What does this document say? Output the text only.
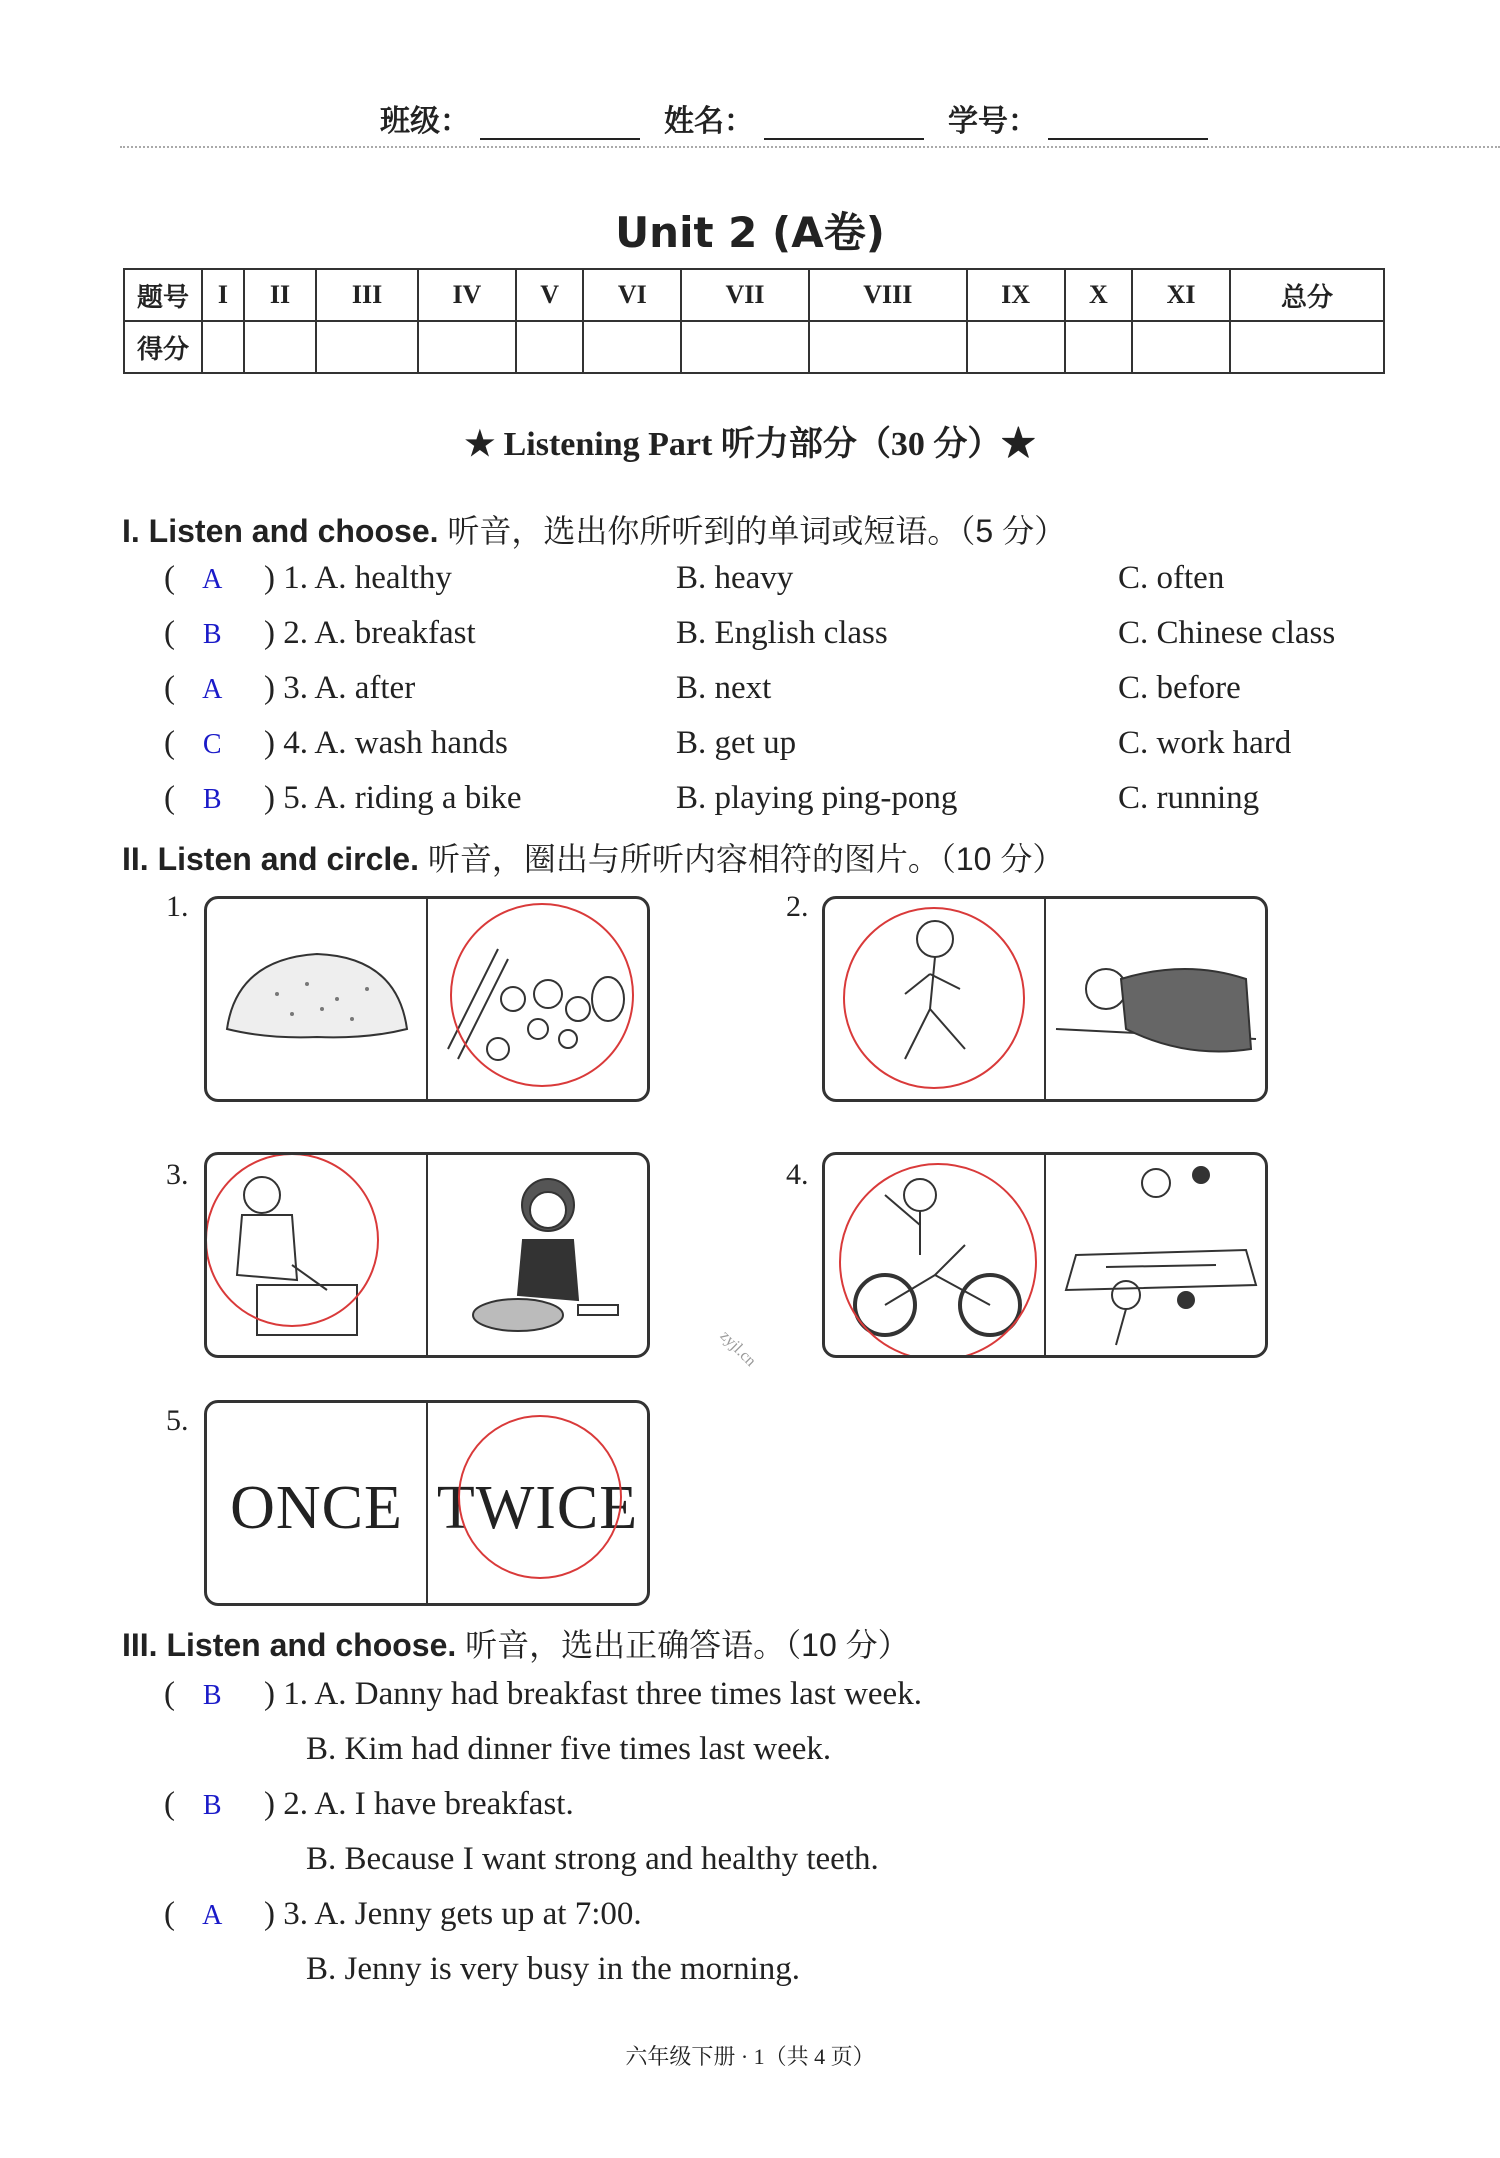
班级：	姓名：	学号：
Unit 2 (A卷)
题号	I	II	III	IV	V	VI	VII	VIII	IX	X	XI	总分
得分												
★ Listening Part 听力部分（30 分）★
I. Listen and choose. 听音，选出你所听到的单词或短语。（5 分）
( A ) 1. A. healthy	B. heavy	C. often
( B ) 2. A. breakfast	B. English class	C. Chinese class
( A ) 3. A. after	B. next	C. before
( C ) 4. A. wash hands	B. get up	C. work hard
( B ) 5. A. riding a bike	B. playing ping-pong	C. running
II. Listen and circle. 听音，圈出与所听内容相符的图片。（10 分）
1.	2.
3.	4.
5.
ONCE TWICE
zyjl.cn
III. Listen and choose. 听音，选出正确答语。（10 分）
( B ) 1. A. Danny had breakfast three times last week.
B. Kim had dinner five times last week.
( B ) 2. A. I have breakfast.
B. Because I want strong and healthy teeth.
( A ) 3. A. Jenny gets up at 7:00.
B. Jenny is very busy in the morning.
六年级下册 · 1（共 4 页）
